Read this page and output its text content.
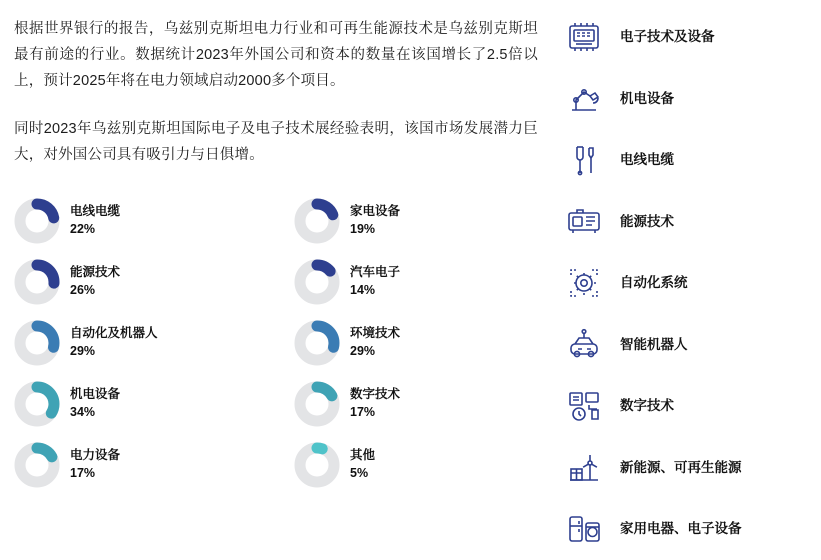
根据世界银行的报告，乌兹别克斯坦电力行业和可再生能源技术是乌兹别克斯坦最有前途的行业。数据统计2023年外国公司和资本的数量在该国增长了2.5倍以上，预计2025年将在电力领域启动2000多个项目。

同时2023年乌兹别克斯坦国际电子及电子技术展经验表明，该国市场发展潜力巨大，对外国公司具有吸引力与日俱增。

电线电缆
22%
家电设备
19%
能源技术
26%
汽车电子
14%
自动化及机器人
29%
环境技术
29%
机电设备
34%
数字技术
17%
电力设备
17%
其他
5%
电子技术及设备
机电设备
电线电缆
能源技术
自动化系统
智能机器人
数字技术
新能源、可再生能源
家用电器、电子设备
